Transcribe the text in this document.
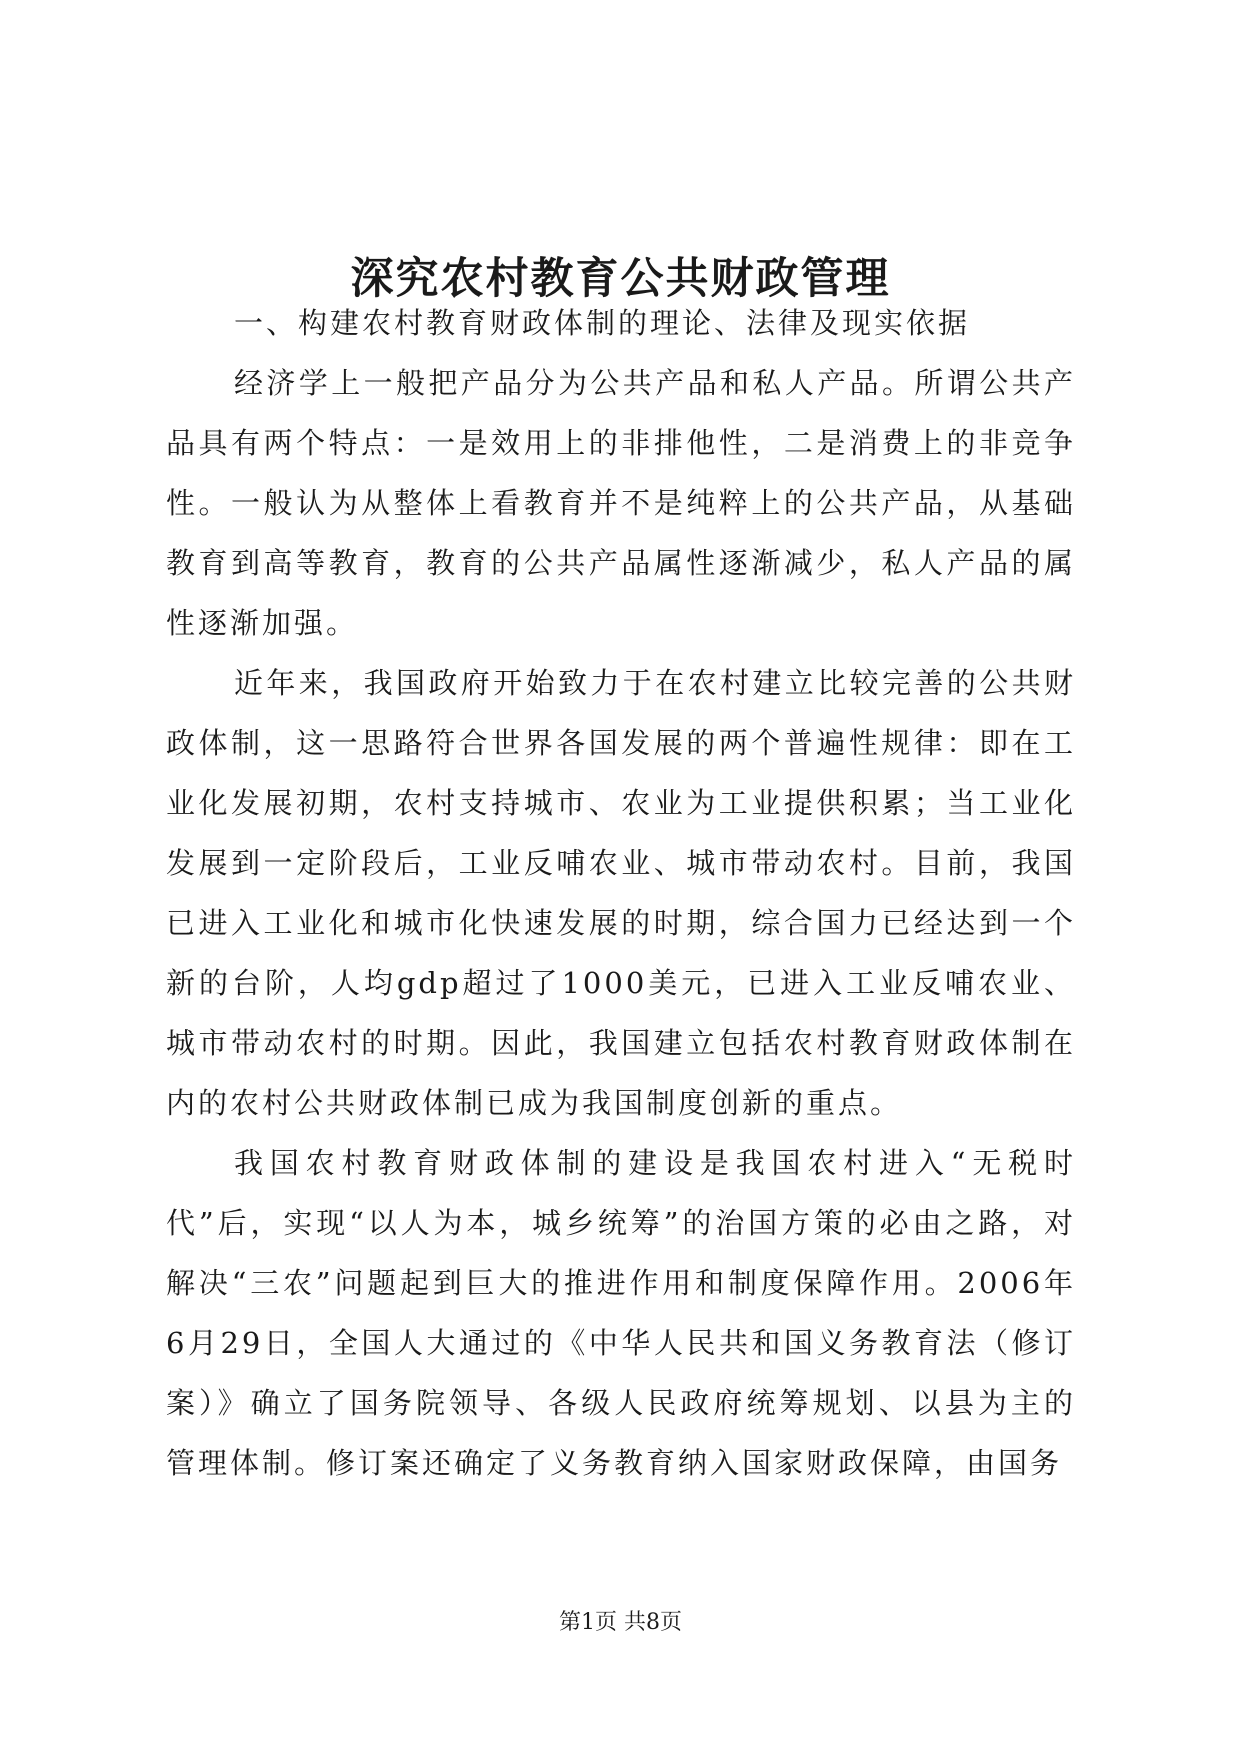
深究农村教育公共财政管理

一、构建农村教育财政体制的理论、法律及现实依据

经济学上一般把产品分为公共产品和私人产品。所谓公共产品具有两个特点：一是效用上的非排他性，二是消费上的非竞争性。一般认为从整体上看教育并不是纯粹上的公共产品，从基础教育到高等教育，教育的公共产品属性逐渐减少，私人产品的属性逐渐加强。

近年来，我国政府开始致力于在农村建立比较完善的公共财政体制，这一思路符合世界各国发展的两个普遍性规律：即在工业化发展初期，农村支持城市、农业为工业提供积累；当工业化发展到一定阶段后，工业反哺农业、城市带动农村。目前，我国已进入工业化和城市化快速发展的时期，综合国力已经达到一个新的台阶，人均gdp超过了1000美元，已进入工业反哺农业、城市带动农村的时期。因此，我国建立包括农村教育财政体制在内的农村公共财政体制已成为我国制度创新的重点。

我国农村教育财政体制的建设是我国农村进入“无税时代”后，实现“以人为本，城乡统筹”的治国方策的必由之路，对解决“三农”问题起到巨大的推进作用和制度保障作用。2006年6月29日，全国人大通过的《中华人民共和国义务教育法（修订案）》确立了国务院领导、各级人民政府统筹规划、以县为主的管理体制。修订案还确定了义务教育纳入国家财政保障，由国务

第1页 共8页
